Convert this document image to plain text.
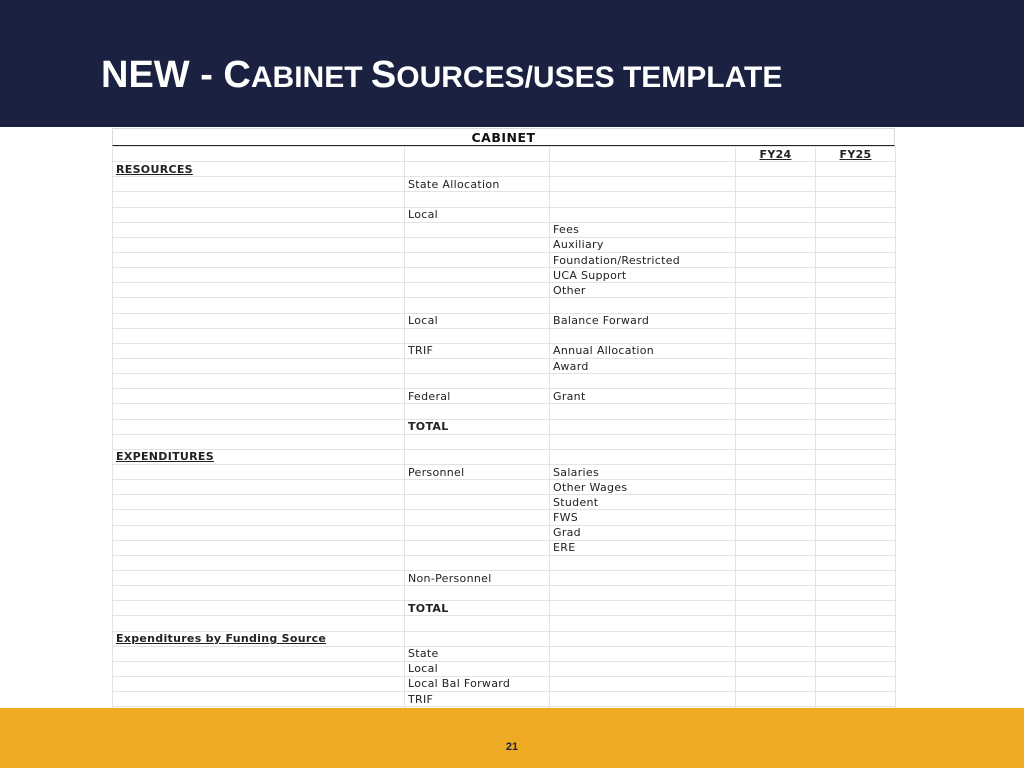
NEW - CABINET SOURCES/USES TEMPLATE
CABINET
			FY24	FY25
RESOURCES				
	State Allocation			

	Local			
		Fees		
		Auxiliary		
		Foundation/Restricted		
		UCA Support		
		Other		

	Local	Balance Forward		

	TRIF	Annual Allocation		
		Award		

	Federal	Grant		

	TOTAL			

EXPENDITURES				
	Personnel	Salaries		
		Other Wages		
		Student		
		FWS		
		Grad		
		ERE		

	Non-Personnel			

	TOTAL			

Expenditures by Funding Source				
	State			
	Local			
	Local Bal Forward			
	TRIF			

21
